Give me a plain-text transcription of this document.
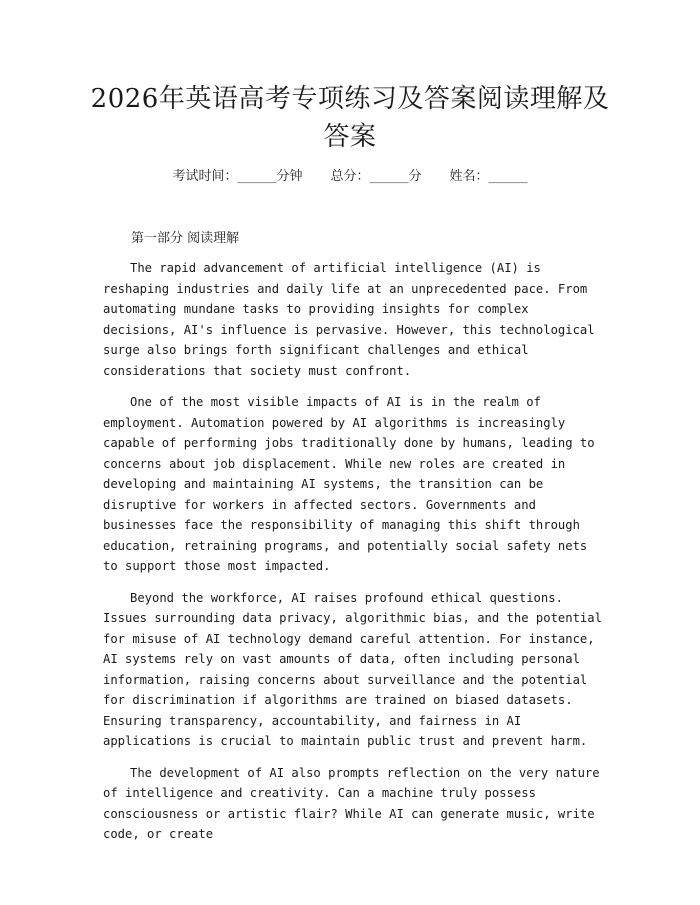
2026年英语高考专项练习及答案阅读理解及答案
考试时间：______分钟 总分：______分 姓名：______
第一部分 阅读理解

The rapid advancement of artificial intelligence (AI) is reshaping industries and daily life at an unprecedented pace. From automating mundane tasks to providing insights for complex decisions, AI's influence is pervasive. However, this technological surge also brings forth significant challenges and ethical considerations that society must confront.

One of the most visible impacts of AI is in the realm of employment. Automation powered by AI algorithms is increasingly capable of performing jobs traditionally done by humans, leading to concerns about job displacement. While new roles are created in developing and maintaining AI systems, the transition can be disruptive for workers in affected sectors. Governments and businesses face the responsibility of managing this shift through education, retraining programs, and potentially social safety nets to support those most impacted.

Beyond the workforce, AI raises profound ethical questions. Issues surrounding data privacy, algorithmic bias, and the potential for misuse of AI technology demand careful attention. For instance, AI systems rely on vast amounts of data, often including personal information, raising concerns about surveillance and the potential for discrimination if algorithms are trained on biased datasets. Ensuring transparency, accountability, and fairness in AI applications is crucial to maintain public trust and prevent harm.

The development of AI also prompts reflection on the very nature of intelligence and creativity. Can a machine truly possess consciousness or artistic flair? While AI can generate music, write code, or create
